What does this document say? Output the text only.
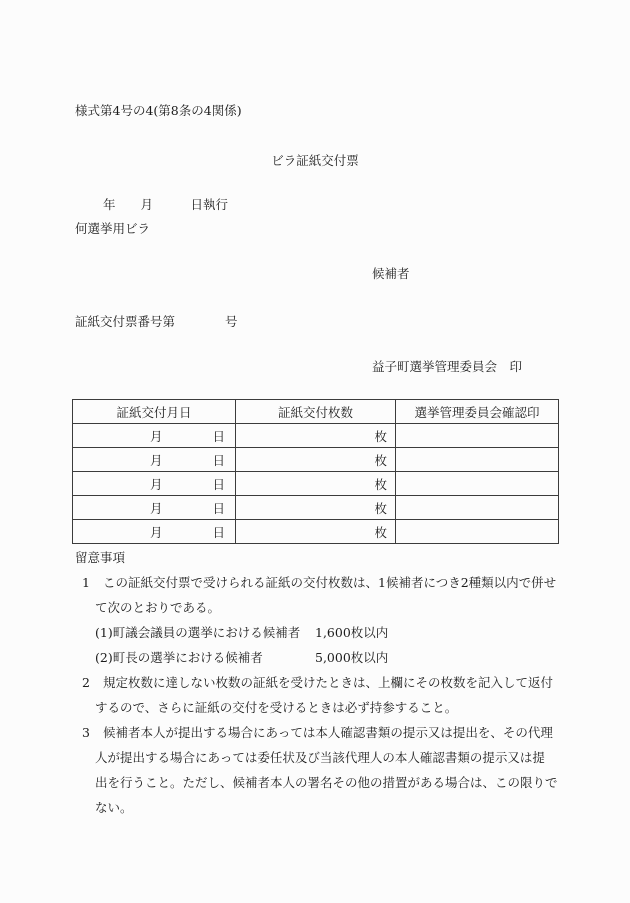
様式第4号の4(第8条の4関係)
ビラ証紙交付票
年　　月　　　日執行
何選挙用ビラ
候補者
証紙交付票番号第　　　　号
益子町選挙管理委員会　印
証紙交付月日	証紙交付枚数	選挙管理委員会確認印
月　　　　日	枚	
月　　　　日	枚	
月　　　　日	枚	
月　　　　日	枚	
月　　　　日	枚	
留意事項
1	この証紙交付票で受けられる証紙の交付枚数は、1候補者につき2種類以内で併せ
て次のとおりである。
(1)町議会議員の選挙における候補者 1,600枚以内
(2)町長の選挙における候補者	5,000枚以内
2	規定枚数に達しない枚数の証紙を受けたときは、上欄にその枚数を記入して返付
するので、さらに証紙の交付を受けるときは必ず持参すること。
3	候補者本人が提出する場合にあっては本人確認書類の提示又は提出を、その代理
人が提出する場合にあっては委任状及び当該代理人の本人確認書類の提示又は提
出を行うこと。ただし、候補者本人の署名その他の措置がある場合は、この限りで
ない。
